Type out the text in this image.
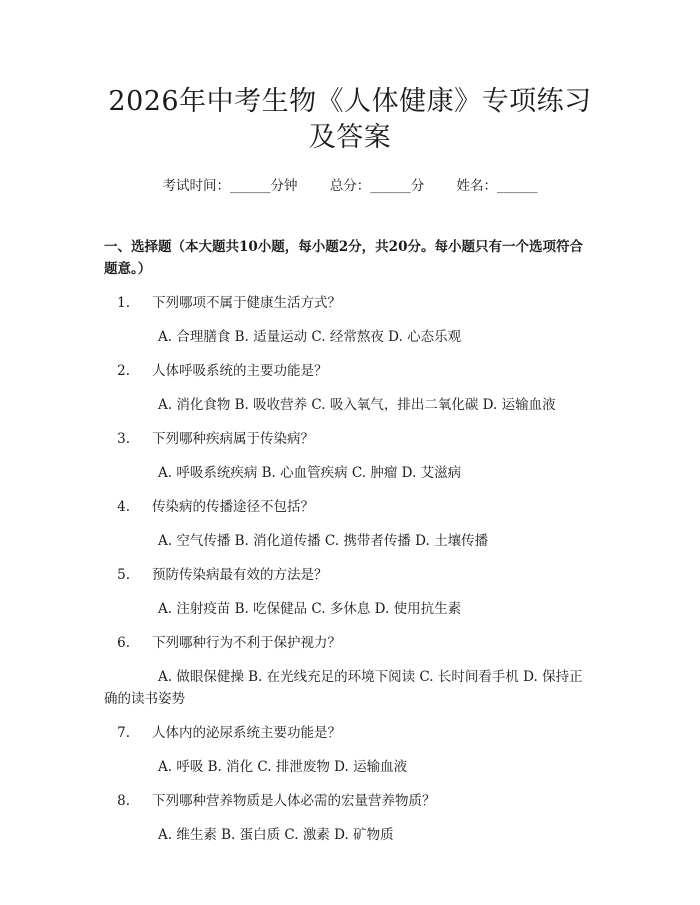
2026年中考生物《人体健康》专项练习及答案
考试时间：______分钟 总分：______分 姓名：______
一、选择题（本大题共10小题，每小题2分，共20分。每小题只有一个选项符合题意。）
1. 下列哪项不属于健康生活方式？
A. 合理膳食 B. 适量运动 C. 经常熬夜 D. 心态乐观
2. 人体呼吸系统的主要功能是？
A. 消化食物 B. 吸收营养 C. 吸入氧气，排出二氧化碳 D. 运输血液
3. 下列哪种疾病属于传染病？
A. 呼吸系统疾病 B. 心血管疾病 C. 肿瘤 D. 艾滋病
4. 传染病的传播途径不包括？
A. 空气传播 B. 消化道传播 C. 携带者传播 D. 土壤传播
5. 预防传染病最有效的方法是？
A. 注射疫苗 B. 吃保健品 C. 多休息 D. 使用抗生素
6. 下列哪种行为不利于保护视力？
A. 做眼保健操 B. 在光线充足的环境下阅读 C. 长时间看手机 D. 保持正确的读书姿势
7. 人体内的泌尿系统主要功能是？
A. 呼吸 B. 消化 C. 排泄废物 D. 运输血液
8. 下列哪种营养物质是人体必需的宏量营养物质？
A. 维生素 B. 蛋白质 C. 激素 D. 矿物质
